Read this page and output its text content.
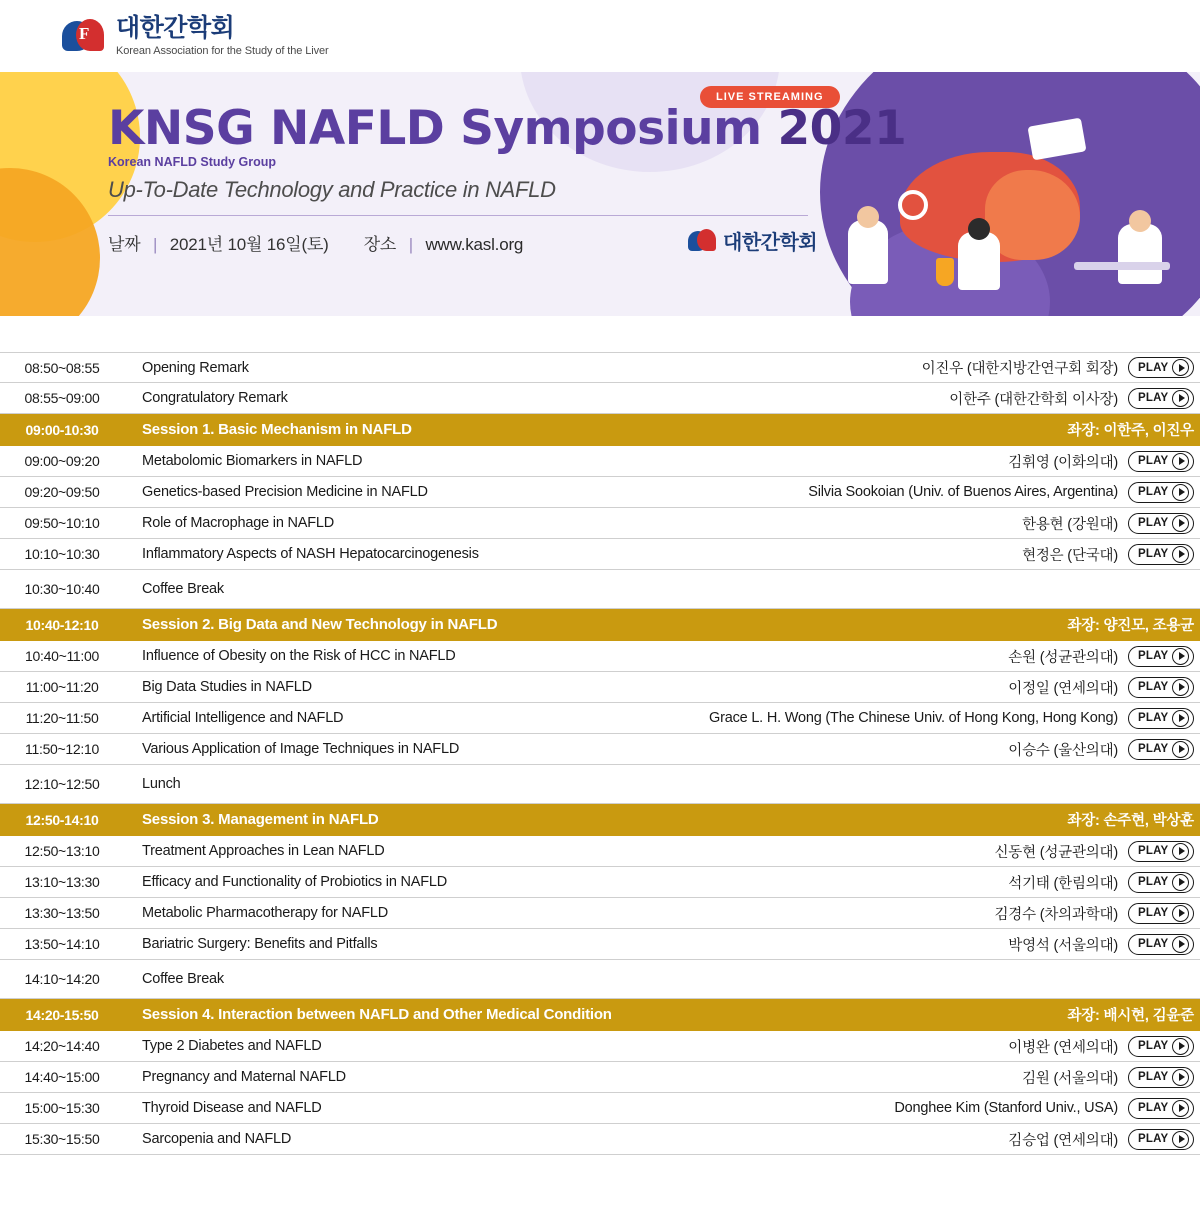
F 대한간학회
Korean Association for the Study of the Liver
LIVE STREAMING
KNSG NAFLD Symposium 2021
Korean NAFLD Study Group
Up-To-Date Technology and Practice in NAFLD
날짜 | 2021년 10월 16일(토) 장소 | www.kasl.org	대한간학회
08:50~08:55	Opening Remark	이진우 (대한지방간연구회 회장)	PLAY
08:55~09:00	Congratulatory Remark	이한주 (대한간학회 이사장)	PLAY
09:00-10:30	Session 1. Basic Mechanism in NAFLD	좌장: 이한주, 이진우
09:00~09:20	Metabolomic Biomarkers in NAFLD	김휘영 (이화의대)	PLAY
09:20~09:50	Genetics-based Precision Medicine in NAFLD	Silvia Sookoian (Univ. of Buenos Aires, Argentina)	PLAY
09:50~10:10	Role of Macrophage in NAFLD	한용현 (강원대)	PLAY
10:10~10:30	Inflammatory Aspects of NASH Hepatocarcinogenesis	현정은 (단국대)	PLAY
10:30~10:40	Coffee Break
10:40-12:10	Session 2. Big Data and New Technology in NAFLD	좌장: 양진모, 조용균
10:40~11:00	Influence of Obesity on the Risk of HCC in NAFLD	손원 (성균관의대)	PLAY
11:00~11:20	Big Data Studies in NAFLD	이정일 (연세의대)	PLAY
11:20~11:50	Artificial Intelligence and NAFLD	Grace L. H. Wong (The Chinese Univ. of Hong Kong, Hong Kong)	PLAY
11:50~12:10	Various Application of Image Techniques in NAFLD	이승수 (울산의대)	PLAY
12:10~12:50	Lunch
12:50-14:10	Session 3. Management in NAFLD	좌장: 손주현, 박상훈
12:50~13:10	Treatment Approaches in Lean NAFLD	신동현 (성균관의대)	PLAY
13:10~13:30	Efficacy and Functionality of Probiotics in NAFLD	석기태 (한림의대)	PLAY
13:30~13:50	Metabolic Pharmacotherapy for NAFLD	김경수 (차의과학대)	PLAY
13:50~14:10	Bariatric Surgery: Benefits and Pitfalls	박영석 (서울의대)	PLAY
14:10~14:20	Coffee Break
14:20-15:50	Session 4. Interaction between NAFLD and Other Medical Condition	좌장: 배시현, 김윤준
14:20~14:40	Type 2 Diabetes and NAFLD	이병완 (연세의대)	PLAY
14:40~15:00	Pregnancy and Maternal NAFLD	김원 (서울의대)	PLAY
15:00~15:30	Thyroid Disease and NAFLD	Donghee Kim (Stanford Univ., USA)	PLAY
15:30~15:50	Sarcopenia and NAFLD	김승업 (연세의대)	PLAY
